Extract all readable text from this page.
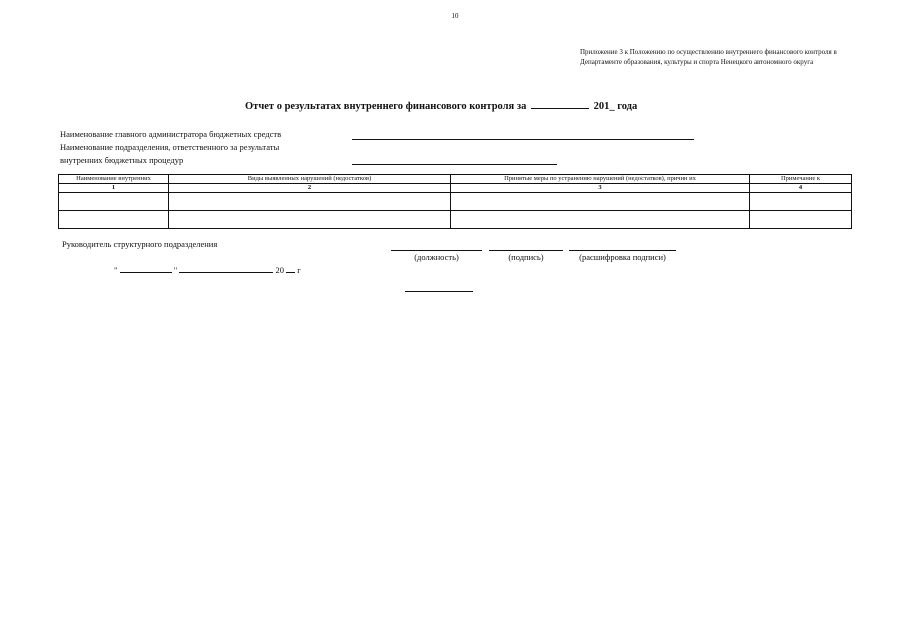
10
Приложение 3 к Положению по осуществлению внутреннего финансового контроля в Департаменте образования, культуры и спорта Ненецкого автономного округа
Отчет о результатах внутреннего финансового контроля за	201_ года
Наименование главного администратора бюджетных средств
Наименование подразделения, ответственного за результаты
внутренних бюджетных процедур
Наименование внутренних	Виды выявленных нарушений (недостатков)	Принятые меры по устранению нарушений (недостатков), причин их	Примечание к
1	2	3	4

Руководитель структурного подразделения
(должность)	(подпись)	(расшифровка подписи)
"	"	20 г
